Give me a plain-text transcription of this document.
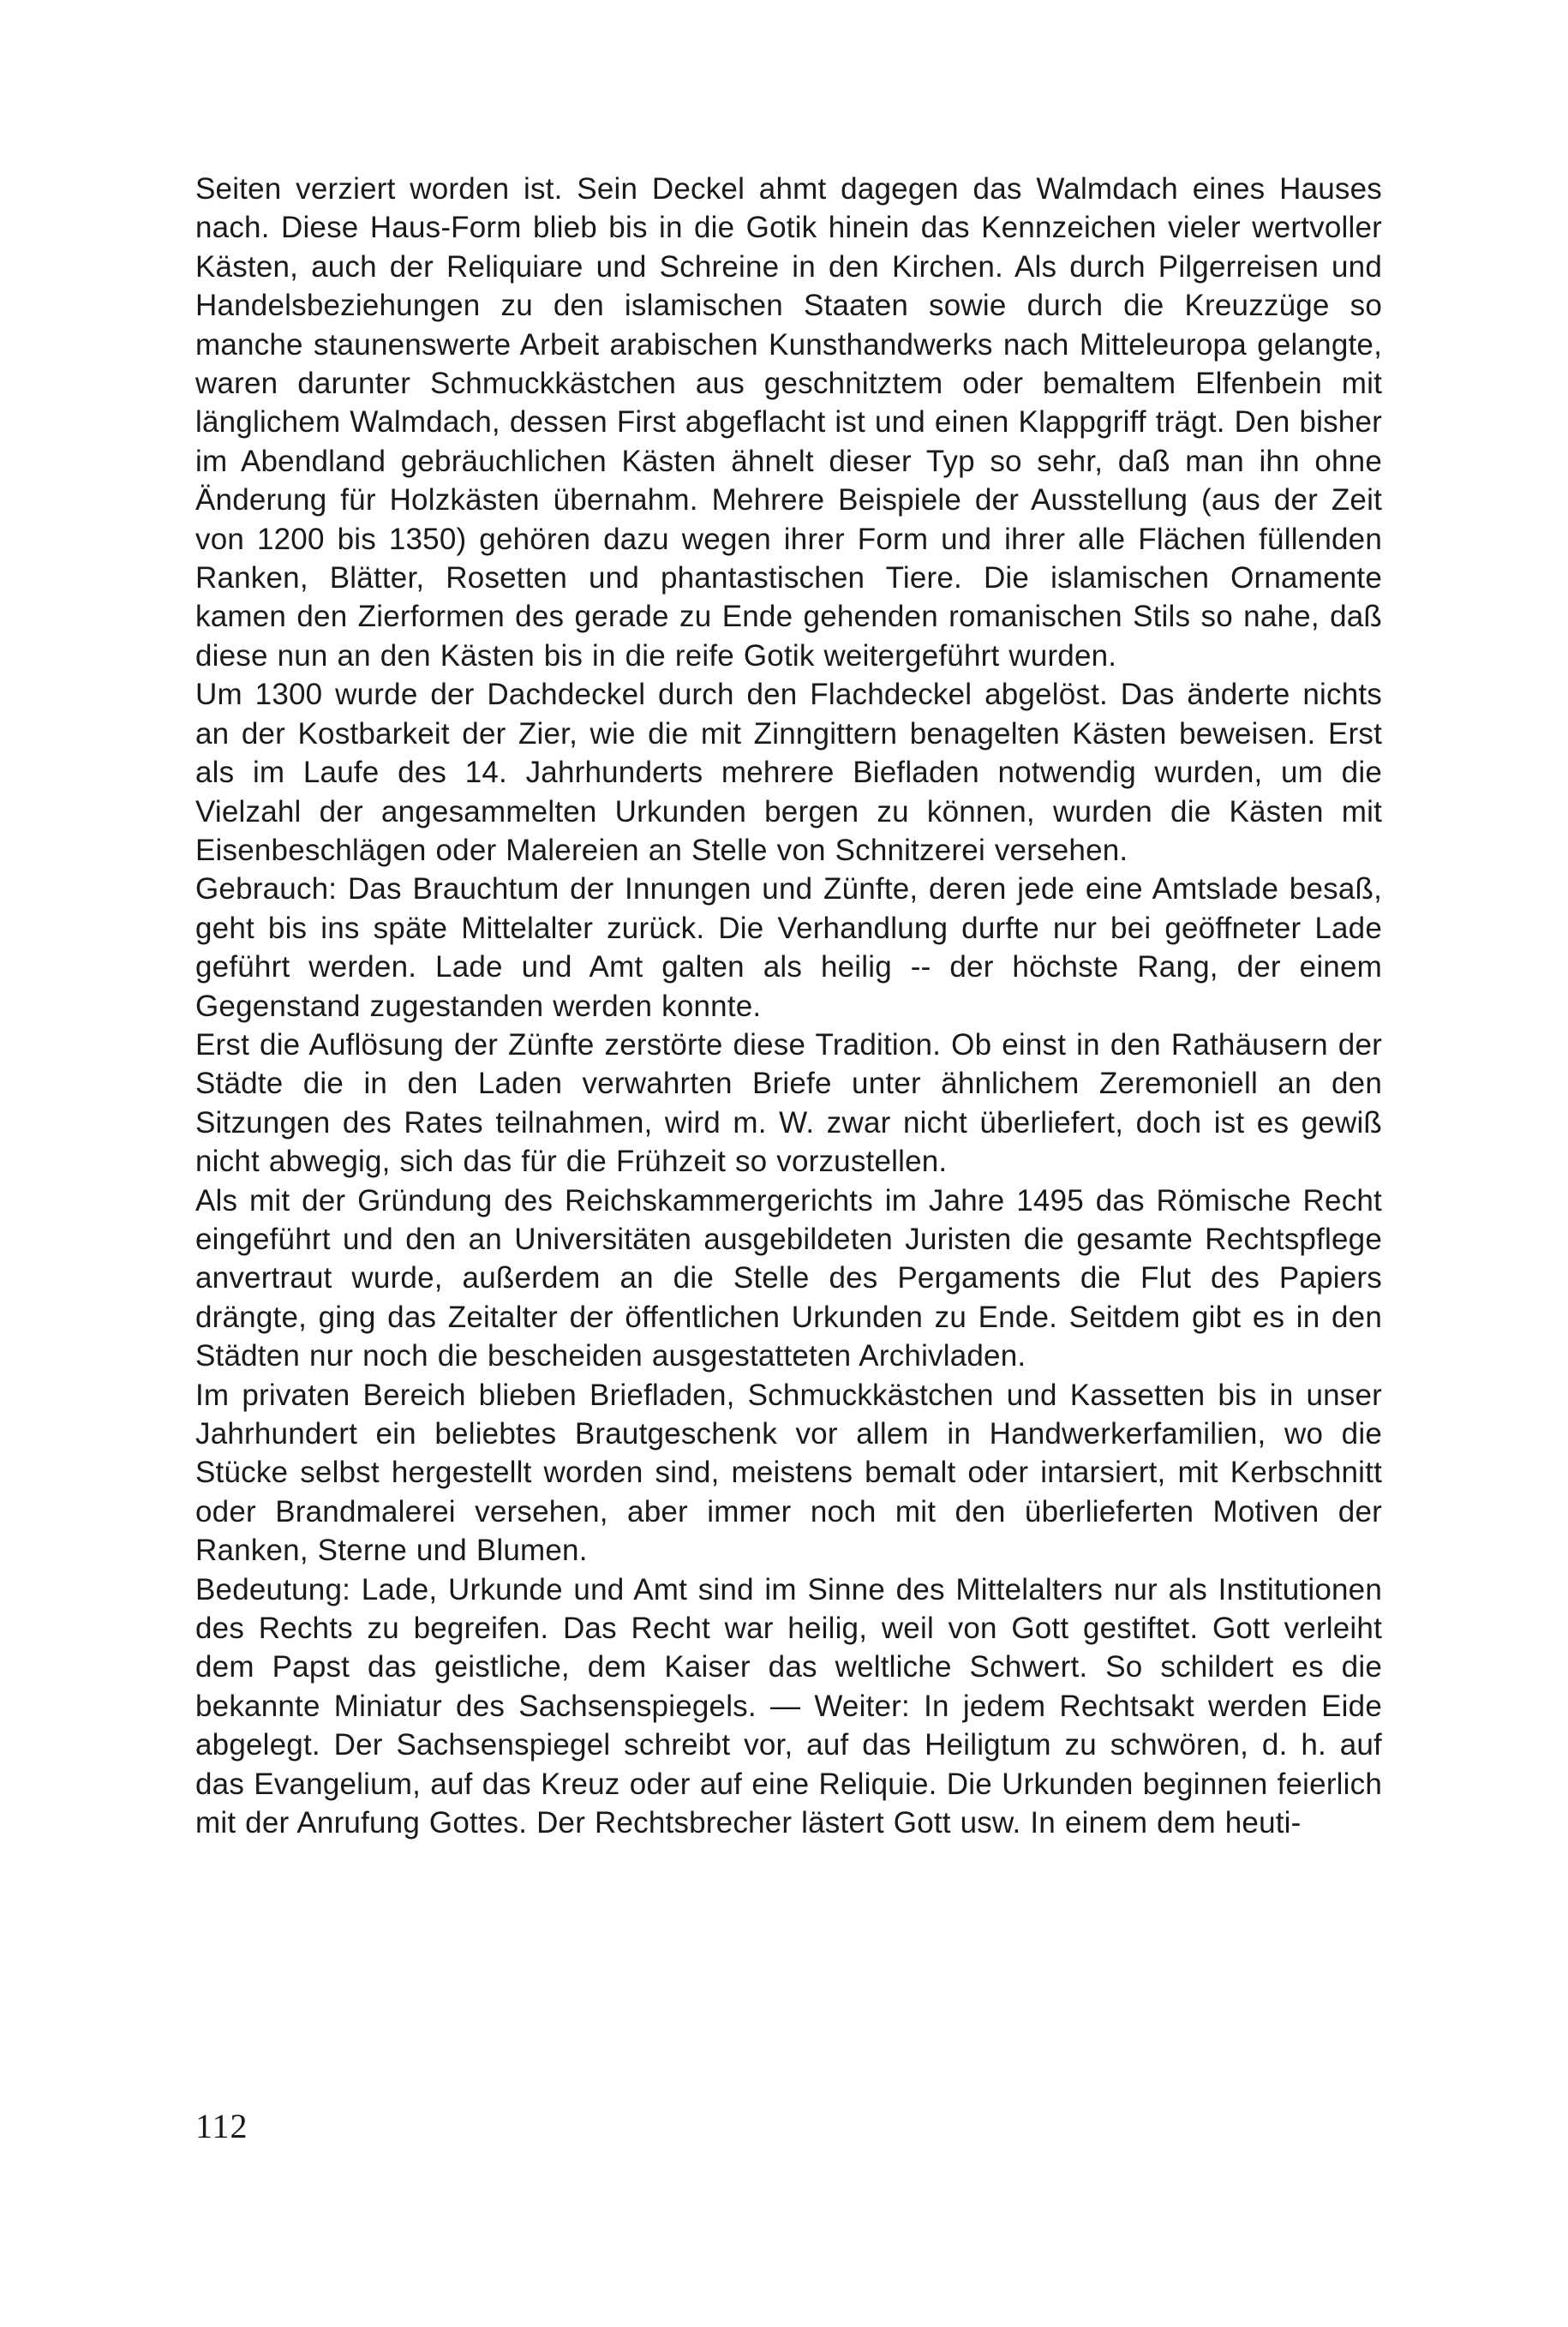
Seiten verziert worden ist. Sein Deckel ahmt dagegen das Walmdach eines Hauses nach. Diese Haus-Form blieb bis in die Gotik hinein das Kennzeichen vieler wertvoller Kästen, auch der Reliquiare und Schreine in den Kirchen. Als durch Pilgerreisen und Handelsbeziehungen zu den islamischen Staaten sowie durch die Kreuzzüge so manche staunenswerte Arbeit arabischen Kunsthandwerks nach Mitteleuropa gelangte, waren darunter Schmuckkästchen aus geschnitztem oder bemaltem Elfenbein mit länglichem Walmdach, dessen First abgeflacht ist und einen Klappgriff trägt. Den bisher im Abendland gebräuchlichen Kästen ähnelt dieser Typ so sehr, daß man ihn ohne Änderung für Holzkästen übernahm. Mehrere Beispiele der Ausstellung (aus der Zeit von 1200 bis 1350) gehören dazu wegen ihrer Form und ihrer alle Flächen füllenden Ranken, Blätter, Rosetten und phantastischen Tiere. Die islamischen Ornamente kamen den Zierformen des gerade zu Ende gehenden romanischen Stils so nahe, daß diese nun an den Kästen bis in die reife Gotik weitergeführt wurden.

Um 1300 wurde der Dachdeckel durch den Flachdeckel abgelöst. Das änderte nichts an der Kostbarkeit der Zier, wie die mit Zinngittern benagelten Kästen beweisen. Erst als im Laufe des 14. Jahrhunderts mehrere Biefladen notwendig wurden, um die Vielzahl der angesammelten Urkunden bergen zu können, wurden die Kästen mit Eisenbeschlägen oder Malereien an Stelle von Schnitzerei versehen.

Gebrauch: Das Brauchtum der Innungen und Zünfte, deren jede eine Amtslade besaß, geht bis ins späte Mittelalter zurück. Die Verhandlung durfte nur bei geöffneter Lade geführt werden. Lade und Amt galten als heilig -- der höchste Rang, der einem Gegenstand zugestanden werden konnte.

Erst die Auflösung der Zünfte zerstörte diese Tradition. Ob einst in den Rathäusern der Städte die in den Laden verwahrten Briefe unter ähnlichem Zeremoniell an den Sitzungen des Rates teilnahmen, wird m. W. zwar nicht überliefert, doch ist es gewiß nicht abwegig, sich das für die Frühzeit so vorzustellen.

Als mit der Gründung des Reichskammergerichts im Jahre 1495 das Römische Recht eingeführt und den an Universitäten ausgebildeten Juristen die gesamte Rechtspflege anvertraut wurde, außerdem an die Stelle des Pergaments die Flut des Papiers drängte, ging das Zeitalter der öffentlichen Urkunden zu Ende. Seitdem gibt es in den Städten nur noch die bescheiden ausgestatteten Archivladen.

Im privaten Bereich blieben Briefladen, Schmuckkästchen und Kassetten bis in unser Jahrhundert ein beliebtes Brautgeschenk vor allem in Handwerkerfamilien, wo die Stücke selbst hergestellt worden sind, meistens bemalt oder intarsiert, mit Kerbschnitt oder Brandmalerei versehen, aber immer noch mit den überlieferten Motiven der Ranken, Sterne und Blumen.

Bedeutung: Lade, Urkunde und Amt sind im Sinne des Mittelalters nur als Institutionen des Rechts zu begreifen. Das Recht war heilig, weil von Gott gestiftet. Gott verleiht dem Papst das geistliche, dem Kaiser das weltliche Schwert. So schildert es die bekannte Miniatur des Sachsenspiegels. — Weiter: In jedem Rechtsakt werden Eide abgelegt. Der Sachsenspiegel schreibt vor, auf das Heiligtum zu schwören, d. h. auf das Evangelium, auf das Kreuz oder auf eine Reliquie. Die Urkunden beginnen feierlich mit der Anrufung Gottes. Der Rechtsbrecher lästert Gott usw. In einem dem heuti-

112
